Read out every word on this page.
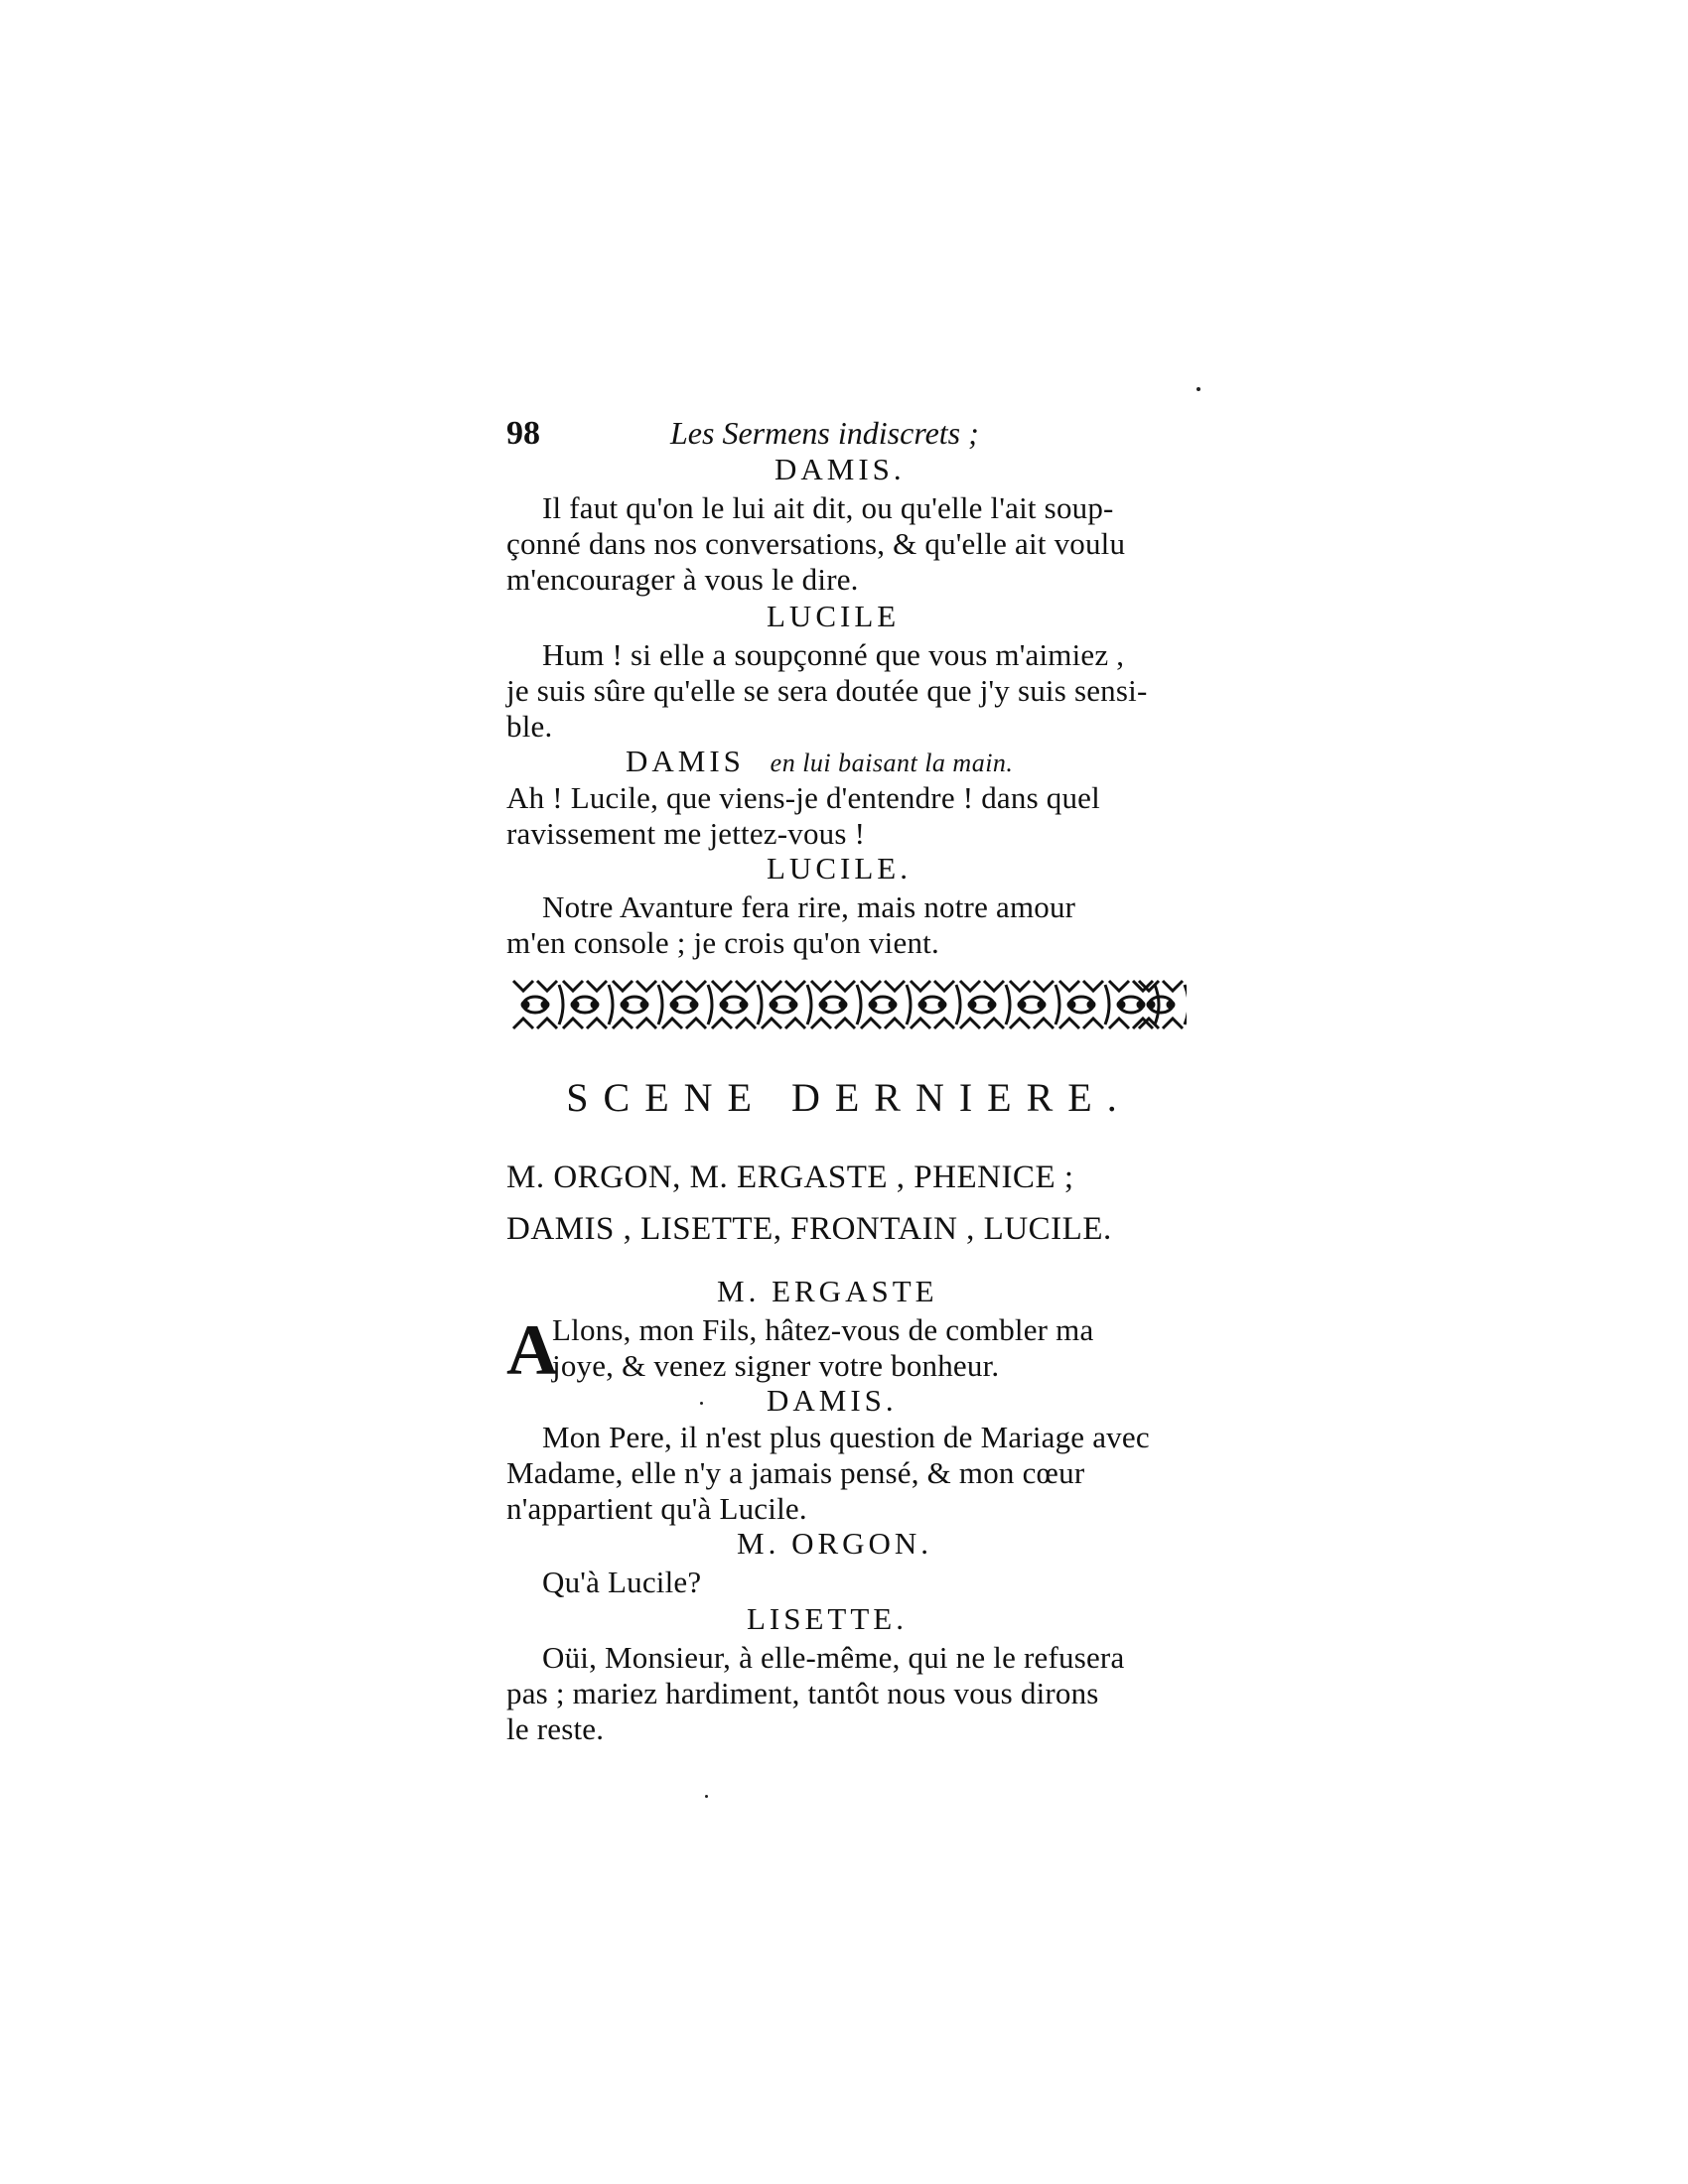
98	Les Sermens indiscrets ;
DAMIS.
Il faut qu'on le lui ait dit, ou qu'elle l'ait soup-
çonné dans nos conversations, & qu'elle ait voulu
m'encourager à vous le dire.
LUCILE
Hum ! si elle a soupçonné que vous m'aimiez ,
je suis sûre qu'elle se sera doutée que j'y suis sensi-
ble.
DAMIS en lui baisant la main.
Ah ! Lucile, que viens-je d'entendre ! dans quel
ravissement me jettez-vous !
LUCILE.
Notre Avanture fera rire, mais notre amour
m'en console ; je crois qu'on vient.
SCENE DERNIERE.
M. ORGON, M. ERGASTE , PHENICE ;
DAMIS , LISETTE, FRONTAIN , LUCILE.
M. ERGASTE
A
Llons, mon Fils, hâtez-vous de combler ma
joye, & venez signer votre bonheur.
DAMIS.
Mon Pere, il n'est plus question de Mariage avec
Madame, elle n'y a jamais pensé, & mon cœur
n'appartient qu'à Lucile.
M. ORGON.
Qu'à Lucile?
LISETTE.
Oüi, Monsieur, à elle-même, qui ne le refusera
pas ; mariez hardiment, tantôt nous vous dirons
le reste.
